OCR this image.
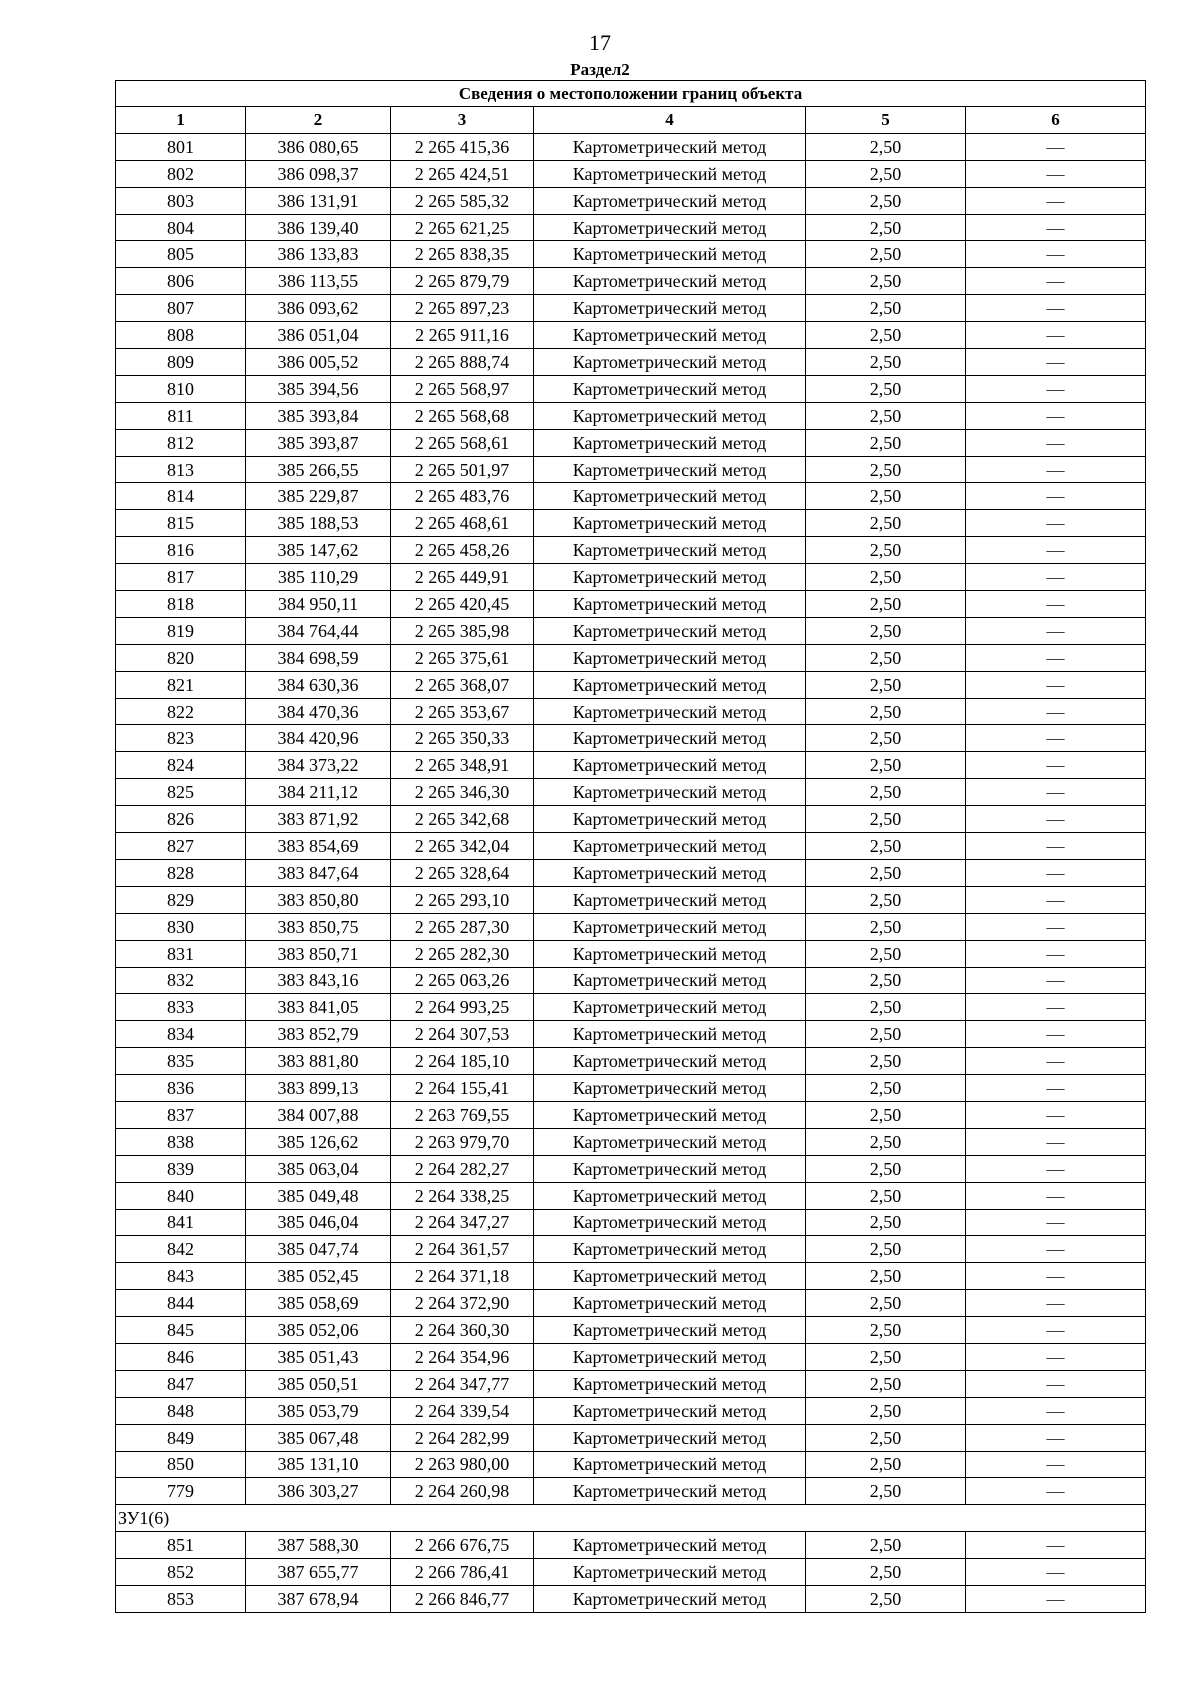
17
Раздел2
Сведения о местоположении границ объекта					
1	2	3	4	5	6
801	386 080,65	2 265 415,36	Картометрический метод	2,50	—
802	386 098,37	2 265 424,51	Картометрический метод	2,50	—
803	386 131,91	2 265 585,32	Картометрический метод	2,50	—
804	386 139,40	2 265 621,25	Картометрический метод	2,50	—
805	386 133,83	2 265 838,35	Картометрический метод	2,50	—
806	386 113,55	2 265 879,79	Картометрический метод	2,50	—
807	386 093,62	2 265 897,23	Картометрический метод	2,50	—
808	386 051,04	2 265 911,16	Картометрический метод	2,50	—
809	386 005,52	2 265 888,74	Картометрический метод	2,50	—
810	385 394,56	2 265 568,97	Картометрический метод	2,50	—
811	385 393,84	2 265 568,68	Картометрический метод	2,50	—
812	385 393,87	2 265 568,61	Картометрический метод	2,50	—
813	385 266,55	2 265 501,97	Картометрический метод	2,50	—
814	385 229,87	2 265 483,76	Картометрический метод	2,50	—
815	385 188,53	2 265 468,61	Картометрический метод	2,50	—
816	385 147,62	2 265 458,26	Картометрический метод	2,50	—
817	385 110,29	2 265 449,91	Картометрический метод	2,50	—
818	384 950,11	2 265 420,45	Картометрический метод	2,50	—
819	384 764,44	2 265 385,98	Картометрический метод	2,50	—
820	384 698,59	2 265 375,61	Картометрический метод	2,50	—
821	384 630,36	2 265 368,07	Картометрический метод	2,50	—
822	384 470,36	2 265 353,67	Картометрический метод	2,50	—
823	384 420,96	2 265 350,33	Картометрический метод	2,50	—
824	384 373,22	2 265 348,91	Картометрический метод	2,50	—
825	384 211,12	2 265 346,30	Картометрический метод	2,50	—
826	383 871,92	2 265 342,68	Картометрический метод	2,50	—
827	383 854,69	2 265 342,04	Картометрический метод	2,50	—
828	383 847,64	2 265 328,64	Картометрический метод	2,50	—
829	383 850,80	2 265 293,10	Картометрический метод	2,50	—
830	383 850,75	2 265 287,30	Картометрический метод	2,50	—
831	383 850,71	2 265 282,30	Картометрический метод	2,50	—
832	383 843,16	2 265 063,26	Картометрический метод	2,50	—
833	383 841,05	2 264 993,25	Картометрический метод	2,50	—
834	383 852,79	2 264 307,53	Картометрический метод	2,50	—
835	383 881,80	2 264 185,10	Картометрический метод	2,50	—
836	383 899,13	2 264 155,41	Картометрический метод	2,50	—
837	384 007,88	2 263 769,55	Картометрический метод	2,50	—
838	385 126,62	2 263 979,70	Картометрический метод	2,50	—
839	385 063,04	2 264 282,27	Картометрический метод	2,50	—
840	385 049,48	2 264 338,25	Картометрический метод	2,50	—
841	385 046,04	2 264 347,27	Картометрический метод	2,50	—
842	385 047,74	2 264 361,57	Картометрический метод	2,50	—
843	385 052,45	2 264 371,18	Картометрический метод	2,50	—
844	385 058,69	2 264 372,90	Картометрический метод	2,50	—
845	385 052,06	2 264 360,30	Картометрический метод	2,50	—
846	385 051,43	2 264 354,96	Картометрический метод	2,50	—
847	385 050,51	2 264 347,77	Картометрический метод	2,50	—
848	385 053,79	2 264 339,54	Картометрический метод	2,50	—
849	385 067,48	2 264 282,99	Картометрический метод	2,50	—
850	385 131,10	2 263 980,00	Картометрический метод	2,50	—
779	386 303,27	2 264 260,98	Картометрический метод	2,50	—
ЗУ1(6)					
851	387 588,30	2 266 676,75	Картометрический метод	2,50	—
852	387 655,77	2 266 786,41	Картометрический метод	2,50	—
853	387 678,94	2 266 846,77	Картометрический метод	2,50	—
